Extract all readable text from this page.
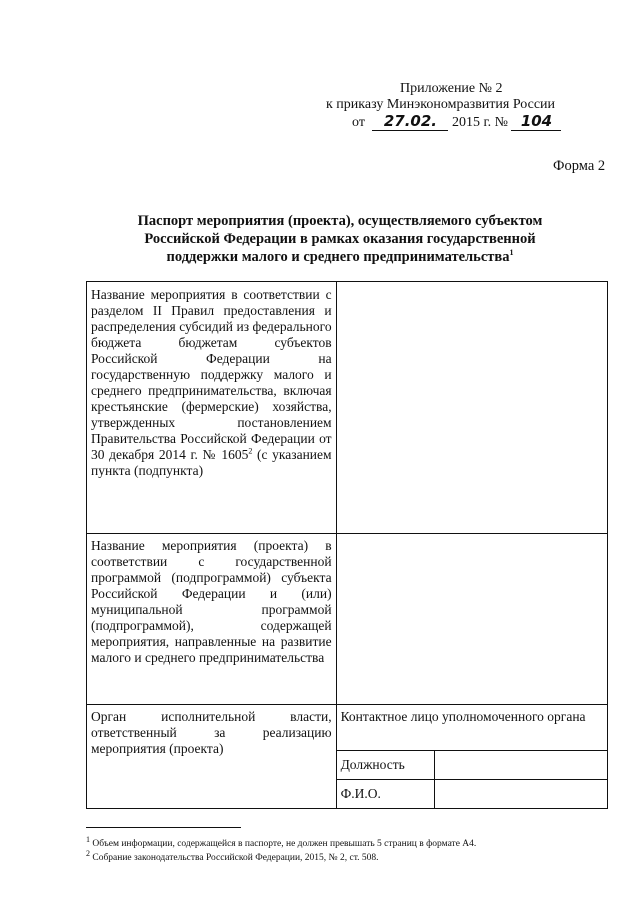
Приложение № 2
к приказу Минэкономразвития России
от 27.02. 2015 г. № 104
Форма 2
Паспорт мероприятия (проекта), осуществляемого субъектом
Российской Федерации в рамках оказания государственной
поддержки малого и среднего предпринимательства$^1$
Название мероприятия в соответствии с разделом II Правил предоставления и распределения субсидий из федерального бюджета бюджетам субъектов Российской Федерации на государственную поддержку малого и среднего предпринимательства, включая крестьянские (фермерские) хозяйства, утвержденных постановлением Правительства Российской Федерации от 30 декабря 2014 г. № 1605$^2$ (с указанием пункта (подпункта)		
Название мероприятия (проекта) в соответствии с государственной программой (подпрограммой) субъекта Российской Федерации и (или) муниципальной программой (подпрограммой), содержащей мероприятия, направленные на развитие малого и среднего предпринимательства		
Орган исполнительной власти, ответственный за реализацию мероприятия (проекта)	Контактное лицо уполномоченного органа	
	Должность	
	Ф.И.О.	
$^1$ Объем информации, содержащейся в паспорте, не должен превышать 5 страниц в формате А4.
$^2$ Собрание законодательства Российской Федерации, 2015, № 2, ст. 508.
